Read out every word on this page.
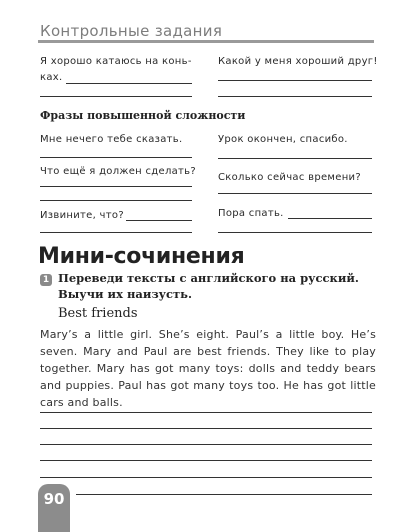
Контрольные задания
Я хорошо катаюсь на конь-
ках.
Какой у меня хороший друг!
Фразы повышенной сложности
Мне нечего тебе сказать.	Урок окончен, спасибо.
Что ещё я должен сделать?
Сколько сейчас времени?
Извините, что?	Пора спать.
Мини-сочинения
1 Переведи тексты с английского на русский. Выучи их наизусть.
Best friends
Mary’s a little girl. She’s eight. Paul’s a little boy. He’s seven. Mary and Paul are best friends. They like to play together. Mary has got many toys: dolls and teddy bears and puppies. Paul has got many toys too. He has got little cars and balls.
90
